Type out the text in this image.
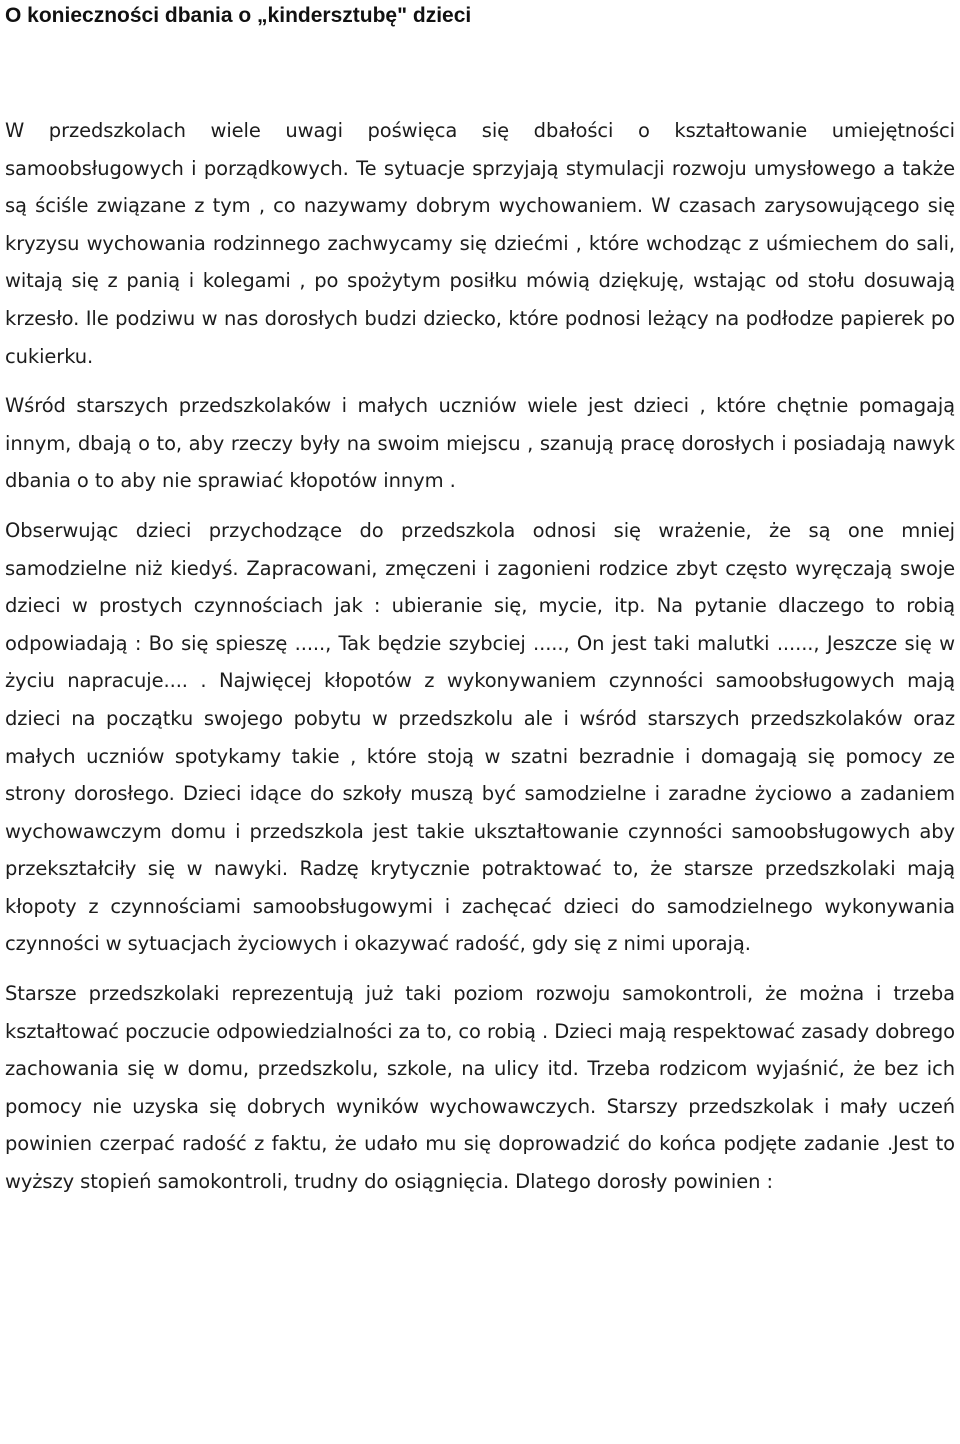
O konieczności dbania o „kindersztubę" dzieci

W przedszkolach wiele uwagi poświęca się dbałości o kształtowanie umiejętności samoobsługowych i porządkowych. Te sytuacje sprzyjają stymulacji rozwoju umysłowego a także są ściśle związane z tym , co nazywamy dobrym wychowaniem. W czasach zarysowującego się kryzysu wychowania rodzinnego zachwycamy się dziećmi , które wchodząc z uśmiechem do sali, witają się z panią i kolegami , po spożytym posiłku mówią dziękuję, wstając od stołu dosuwają krzesło. Ile podziwu w nas dorosłych budzi dziecko, które podnosi leżący na podłodze papierek po cukierku.

Wśród starszych przedszkolaków i małych uczniów wiele jest dzieci , które chętnie pomagają innym, dbają o to, aby rzeczy były na swoim miejscu , szanują pracę dorosłych i posiadają nawyk dbania o to aby nie sprawiać kłopotów innym .

Obserwując dzieci przychodzące do przedszkola odnosi się wrażenie, że są one mniej samodzielne niż kiedyś. Zapracowani, zmęczeni i zagonieni rodzice zbyt często wyręczają swoje dzieci w prostych czynnościach jak : ubieranie się, mycie, itp. Na pytanie dlaczego to robią odpowiadają : Bo się spieszę ....., Tak będzie szybciej ....., On jest taki malutki ......, Jeszcze się w życiu napracuje.... . Najwięcej kłopotów z wykonywaniem czynności samoobsługowych mają dzieci na początku swojego pobytu w przedszkolu ale i wśród starszych przedszkolaków oraz małych uczniów spotykamy takie , które stoją w szatni bezradnie i domagają się pomocy ze strony dorosłego. Dzieci idące do szkoły muszą być samodzielne i zaradne życiowo a zadaniem wychowawczym domu i przedszkola jest takie ukształtowanie czynności samoobsługowych aby przekształciły się w nawyki. Radzę krytycznie potraktować to, że starsze przedszkolaki mają kłopoty z czynnościami samoobsługowymi i zachęcać dzieci do samodzielnego wykonywania czynności w sytuacjach życiowych i okazywać radość, gdy się z nimi uporają.

Starsze przedszkolaki reprezentują już taki poziom rozwoju samokontroli, że można i trzeba kształtować poczucie odpowiedzialności za to, co robią . Dzieci mają respektować zasady dobrego zachowania się w domu, przedszkolu, szkole, na ulicy itd. Trzeba rodzicom wyjaśnić, że bez ich pomocy nie uzyska się dobrych wyników wychowawczych. Starszy przedszkolak i mały uczeń powinien czerpać radość z faktu, że udało mu się doprowadzić do końca podjęte zadanie .Jest to wyższy stopień samokontroli, trudny do osiągnięcia. Dlatego dorosły powinien :
